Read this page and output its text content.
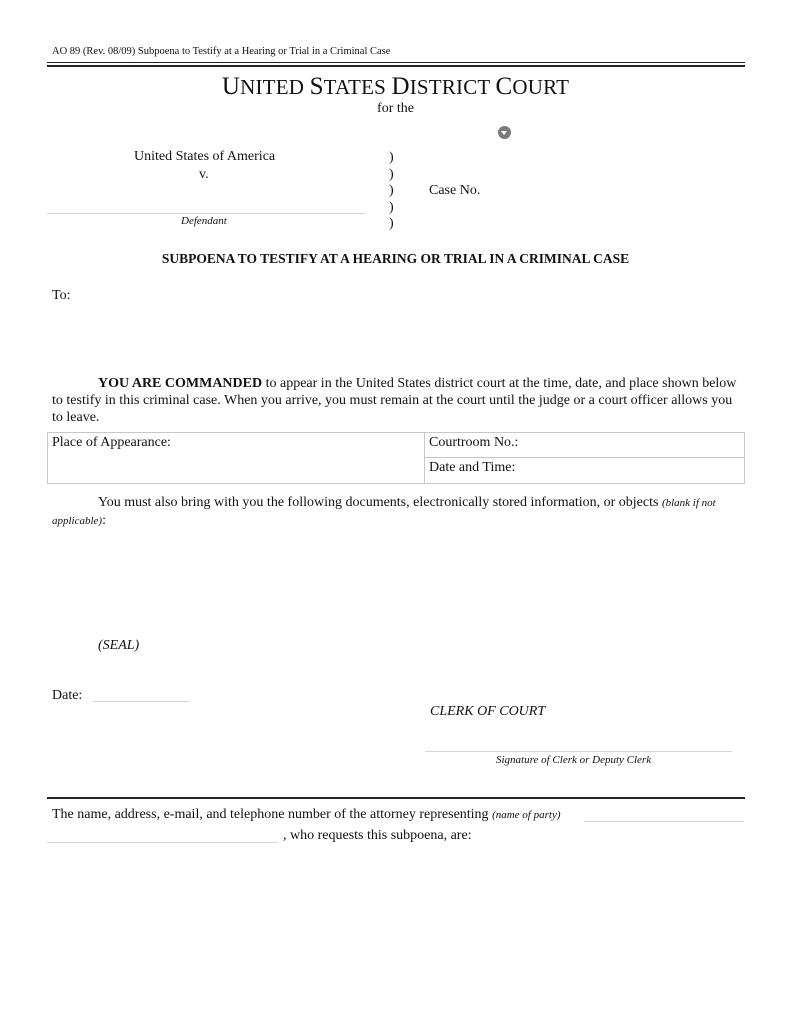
AO 89 (Rev. 08/09) Subpoena to Testify at a Hearing or Trial in a Criminal Case
UNITED STATES DISTRICT COURT
for the
United States of America
v.
Defendant
)
)
)
)
)
Case No.
SUBPOENA TO TESTIFY AT A HEARING OR TRIAL IN A CRIMINAL CASE
To:
YOU ARE COMMANDED to appear in the United States district court at the time, date, and place shown below to testify in this criminal case. When you arrive, you must remain at the court until the judge or a court officer allows you to leave.
Place of Appearance:	Courtroom No.:
Date and Time:
You must also bring with you the following documents, electronically stored information, or objects (blank if not applicable):
(SEAL)
Date:
CLERK OF COURT
Signature of Clerk or Deputy Clerk
The name, address, e-mail, and telephone number of the attorney representing (name of party)
, who requests this subpoena, are:
